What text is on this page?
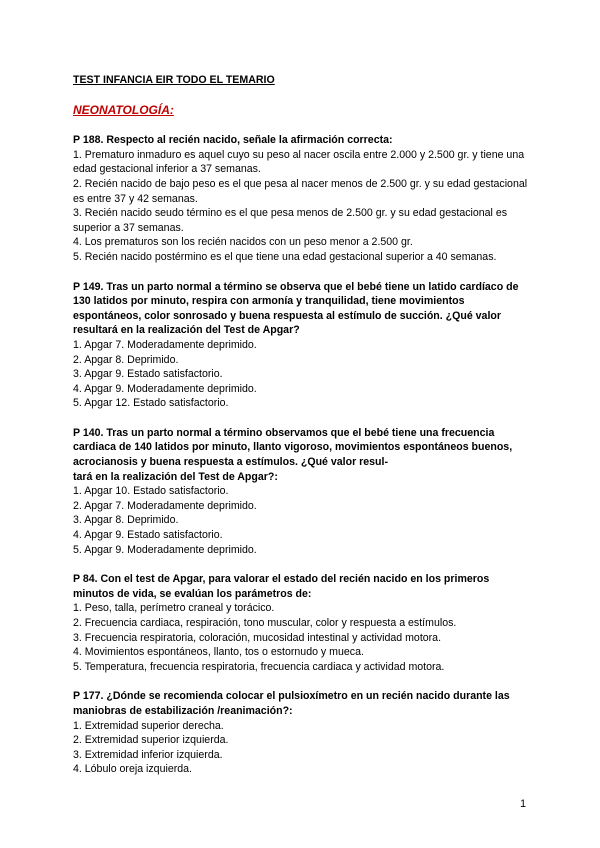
TEST INFANCIA EIR TODO EL TEMARIO

NEONATOLOGÍA:
P 188. Respecto al recién nacido, señale la afirmación correcta:
1. Prematuro inmaduro es aquel cuyo su peso al nacer oscila entre 2.000 y 2.500 gr. y tiene una edad gestacional inferior a 37 semanas.
2. Recién nacido de bajo peso es el que pesa al nacer menos de 2.500 gr. y su edad gestacional es entre 37 y 42 semanas.
3. Recién nacido seudo término es el que pesa menos de 2.500 gr. y su edad gestacional es superior a 37 semanas.
4. Los prematuros son los recién nacidos con un peso menor a 2.500 gr.
5. Recién nacido postérmino es el que tiene una edad gestacional superior a 40 semanas.
P 149. Tras un parto normal a término se observa que el bebé tiene un latido cardíaco de 130 latidos por minuto, respira con armonía y tranquilidad, tiene movimientos espontáneos, color sonrosado y buena respuesta al estímulo de succión. ¿Qué valor resultará en la realización del Test de Apgar?
1. Apgar 7. Moderadamente deprimido.
2. Apgar 8. Deprimido.
3. Apgar 9. Estado satisfactorio.
4. Apgar 9. Moderadamente deprimido.
5. Apgar 12. Estado satisfactorio.
P 140. Tras un parto normal a término observamos que el bebé tiene una frecuencia cardiaca de 140 latidos por minuto, llanto vigoroso, movimientos espontáneos buenos, acrocianosis y buena respuesta a estímulos. ¿Qué valor resul-
tará en la realización del Test de Apgar?:
1. Apgar 10. Estado satisfactorio.
2. Apgar 7. Moderadamente deprimido.
3. Apgar 8. Deprimido.
4. Apgar 9. Estado satisfactorio.
5. Apgar 9. Moderadamente deprimido.
P 84. Con el test de Apgar, para valorar el estado del recién nacido en los primeros minutos de vida, se evalúan los parámetros de:
1. Peso, talla, perímetro craneal y torácico.
2. Frecuencia cardiaca, respiración, tono muscular, color y respuesta a estímulos.
3. Frecuencia respiratoria, coloración, mucosidad intestinal y actividad motora.
4. Movimientos espontáneos, llanto, tos o estornudo y mueca.
5. Temperatura, frecuencia respiratoria, frecuencia cardiaca y actividad motora.
P 177. ¿Dónde se recomienda colocar el pulsioxímetro en un recién nacido durante las maniobras de estabilización /reanimación?:
1. Extremidad superior derecha.
2. Extremidad superior izquierda.
3. Extremidad inferior izquierda.
4. Lóbulo oreja izquierda.
1
